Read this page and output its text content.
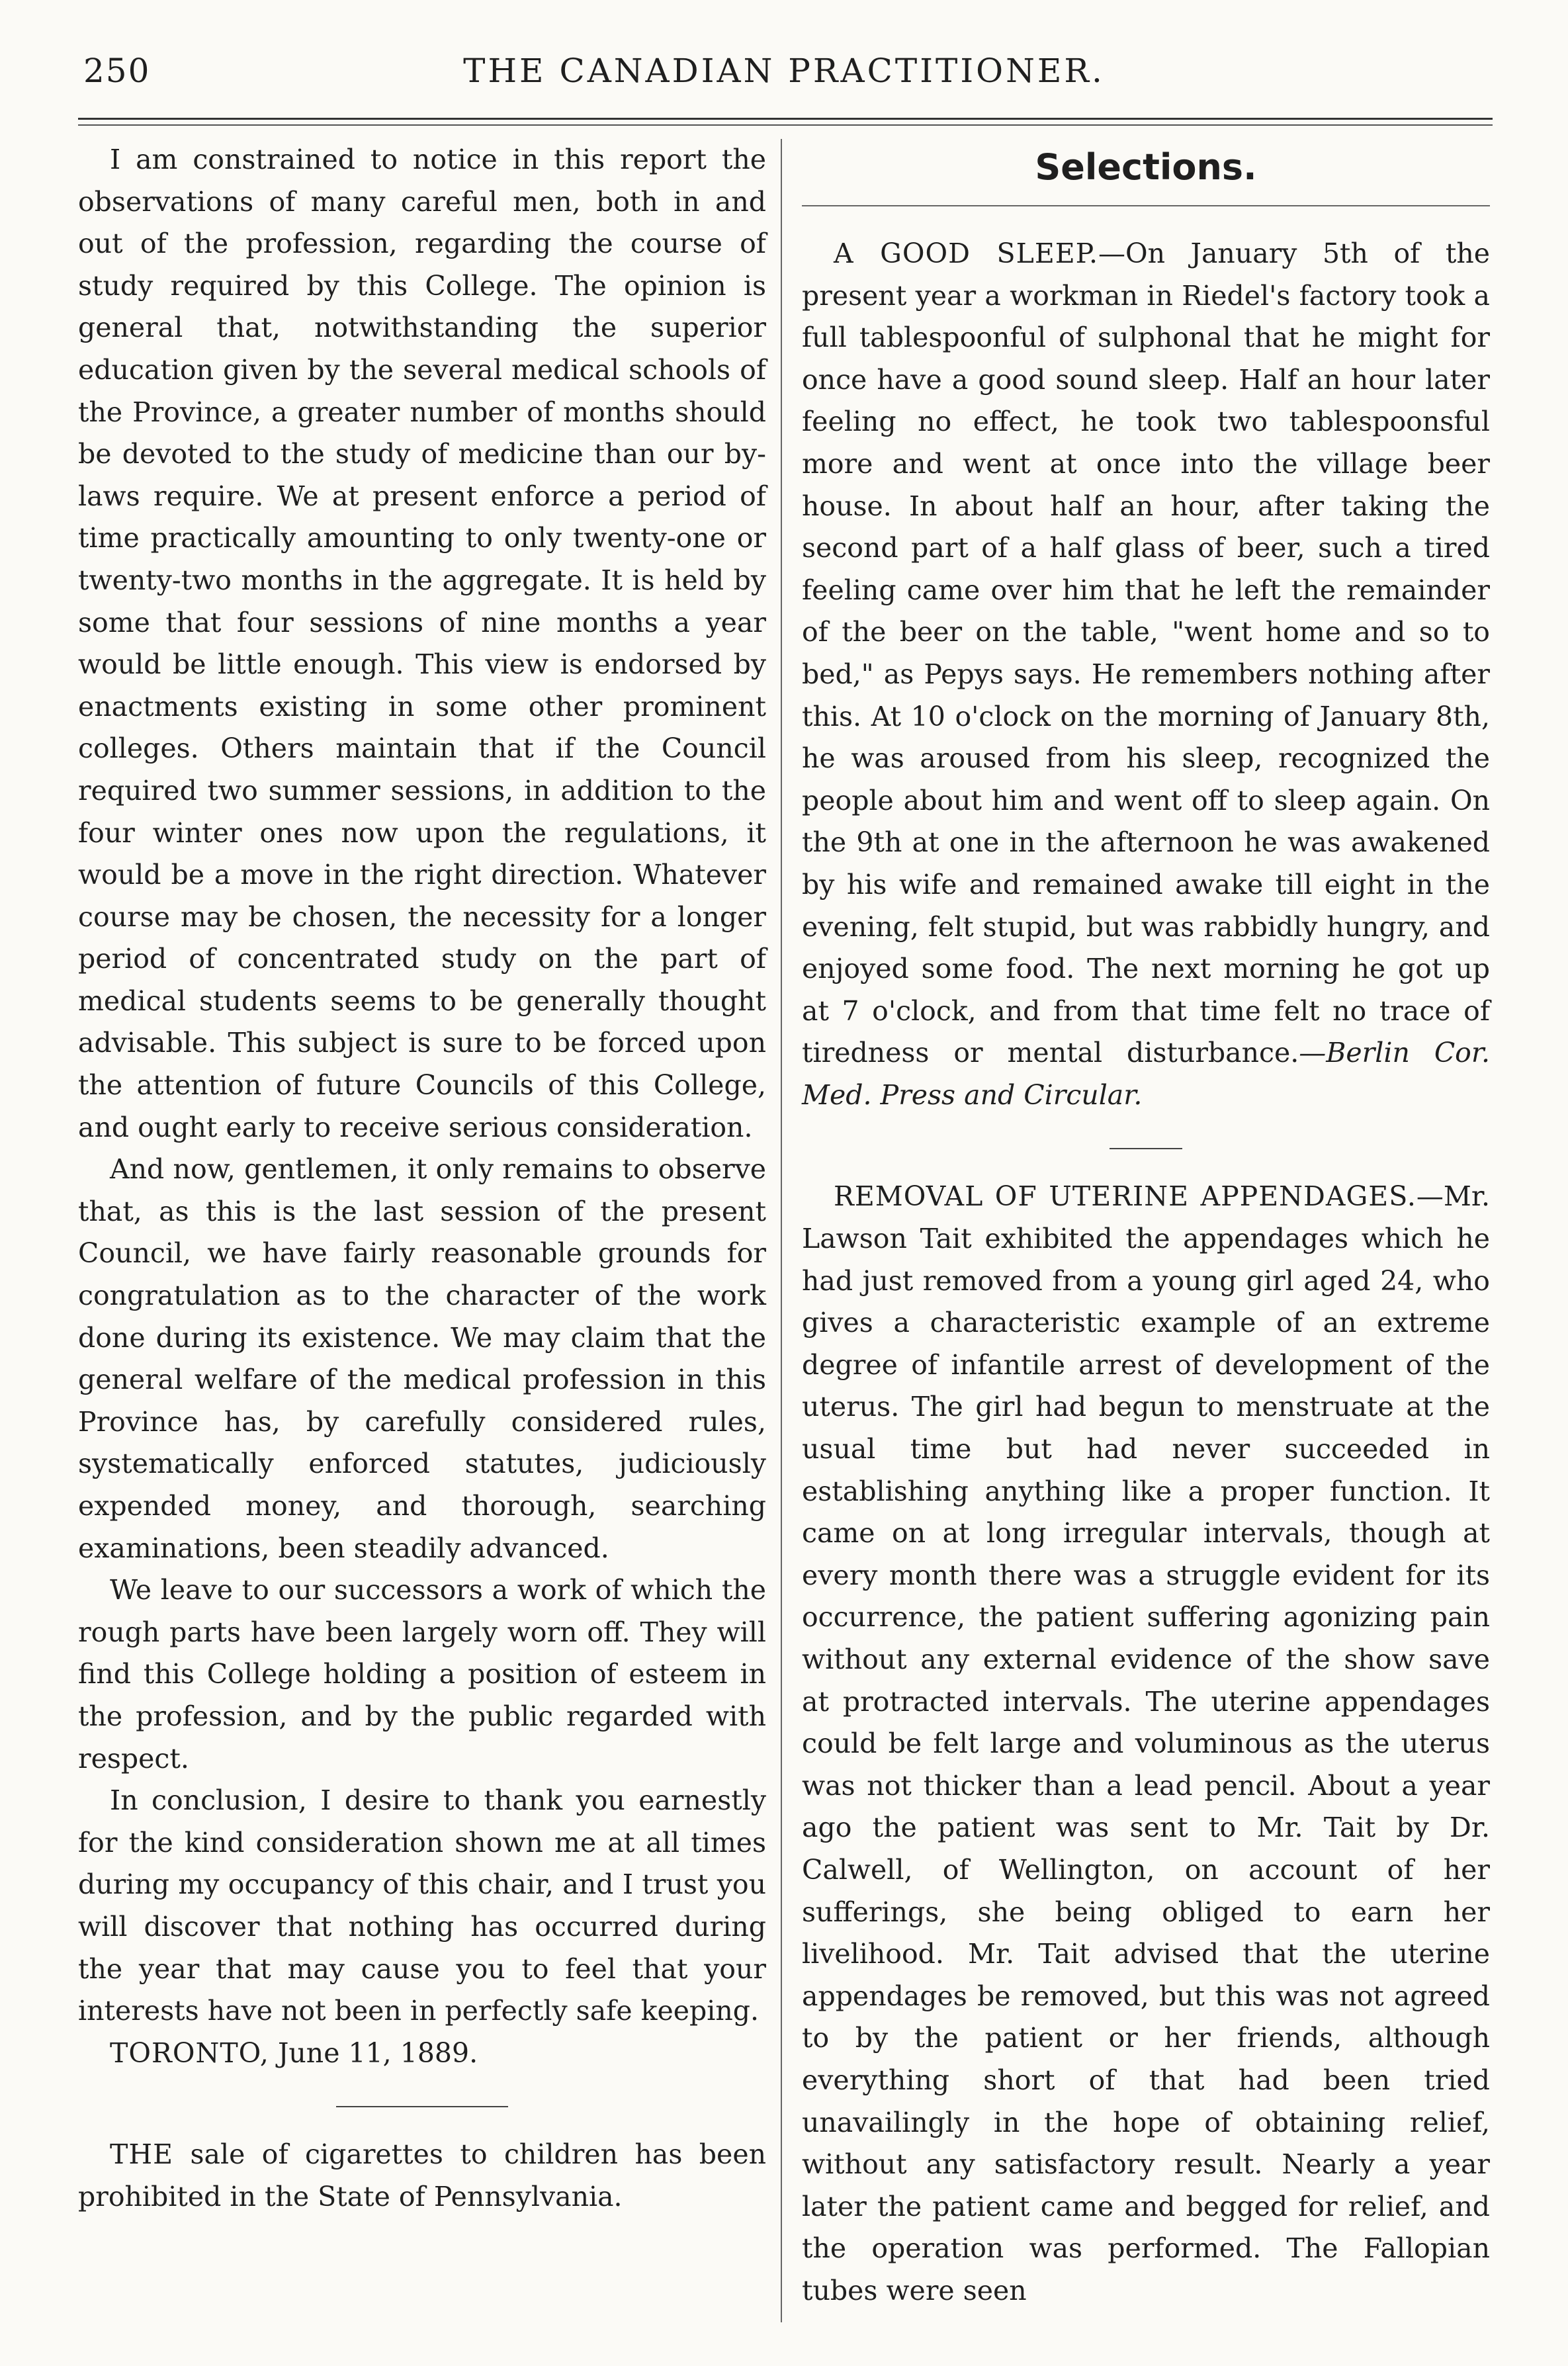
250	THE CANADIAN PRACTITIONER.

I am constrained to notice in this report the observations of many careful men, both in and out of the profession, regarding the course of study required by this College. The opinion is general that, notwithstanding the superior education given by the several medical schools of the Province, a greater number of months should be devoted to the study of medicine than our by-laws require. We at present enforce a period of time practically amounting to only twenty-one or twenty-two months in the aggregate. It is held by some that four sessions of nine months a year would be little enough. This view is endorsed by enactments existing in some other prominent colleges. Others maintain that if the Council required two summer sessions, in addition to the four winter ones now upon the regulations, it would be a move in the right direction. Whatever course may be chosen, the necessity for a longer period of concentrated study on the part of medical students seems to be generally thought advisable. This subject is sure to be forced upon the attention of future Councils of this College, and ought early to receive serious consideration.

And now, gentlemen, it only remains to observe that, as this is the last session of the present Council, we have fairly reasonable grounds for congratulation as to the character of the work done during its existence. We may claim that the general welfare of the medical profession in this Province has, by carefully considered rules, systematically enforced statutes, judiciously expended money, and thorough, searching examinations, been steadily advanced.

We leave to our successors a work of which the rough parts have been largely worn off. They will find this College holding a position of esteem in the profession, and by the public regarded with respect.

In conclusion, I desire to thank you earnestly for the kind consideration shown me at all times during my occupancy of this chair, and I trust you will discover that nothing has occurred during the year that may cause you to feel that your interests have not been in perfectly safe keeping.

TORONTO, June 11, 1889.

THE sale of cigarettes to children has been prohibited in the State of Pennsylvania.

Selections.

A GOOD SLEEP.—On January 5th of the present year a workman in Riedel's factory took a full tablespoonful of sulphonal that he might for once have a good sound sleep. Half an hour later feeling no effect, he took two tablespoonsful more and went at once into the village beer house. In about half an hour, after taking the second part of a half glass of beer, such a tired feeling came over him that he left the remainder of the beer on the table, "went home and so to bed," as Pepys says. He remembers nothing after this. At 10 o'clock on the morning of January 8th, he was aroused from his sleep, recognized the people about him and went off to sleep again. On the 9th at one in the afternoon he was awakened by his wife and remained awake till eight in the evening, felt stupid, but was rabbidly hungry, and enjoyed some food. The next morning he got up at 7 o'clock, and from that time felt no trace of tiredness or mental disturbance.—Berlin Cor. Med. Press and Circular.

REMOVAL OF UTERINE APPENDAGES.—Mr. Lawson Tait exhibited the appendages which he had just removed from a young girl aged 24, who gives a characteristic example of an extreme degree of infantile arrest of development of the uterus. The girl had begun to menstruate at the usual time but had never succeeded in establishing anything like a proper function. It came on at long irregular intervals, though at every month there was a struggle evident for its occurrence, the patient suffering agonizing pain without any external evidence of the show save at protracted intervals. The uterine appendages could be felt large and voluminous as the uterus was not thicker than a lead pencil. About a year ago the patient was sent to Mr. Tait by Dr. Calwell, of Wellington, on account of her sufferings, she being obliged to earn her livelihood. Mr. Tait advised that the uterine appendages be removed, but this was not agreed to by the patient or her friends, although everything short of that had been tried unavailingly in the hope of obtaining relief, without any satisfactory result. Nearly a year later the patient came and begged for relief, and the operation was performed. The Fallopian tubes were seen
